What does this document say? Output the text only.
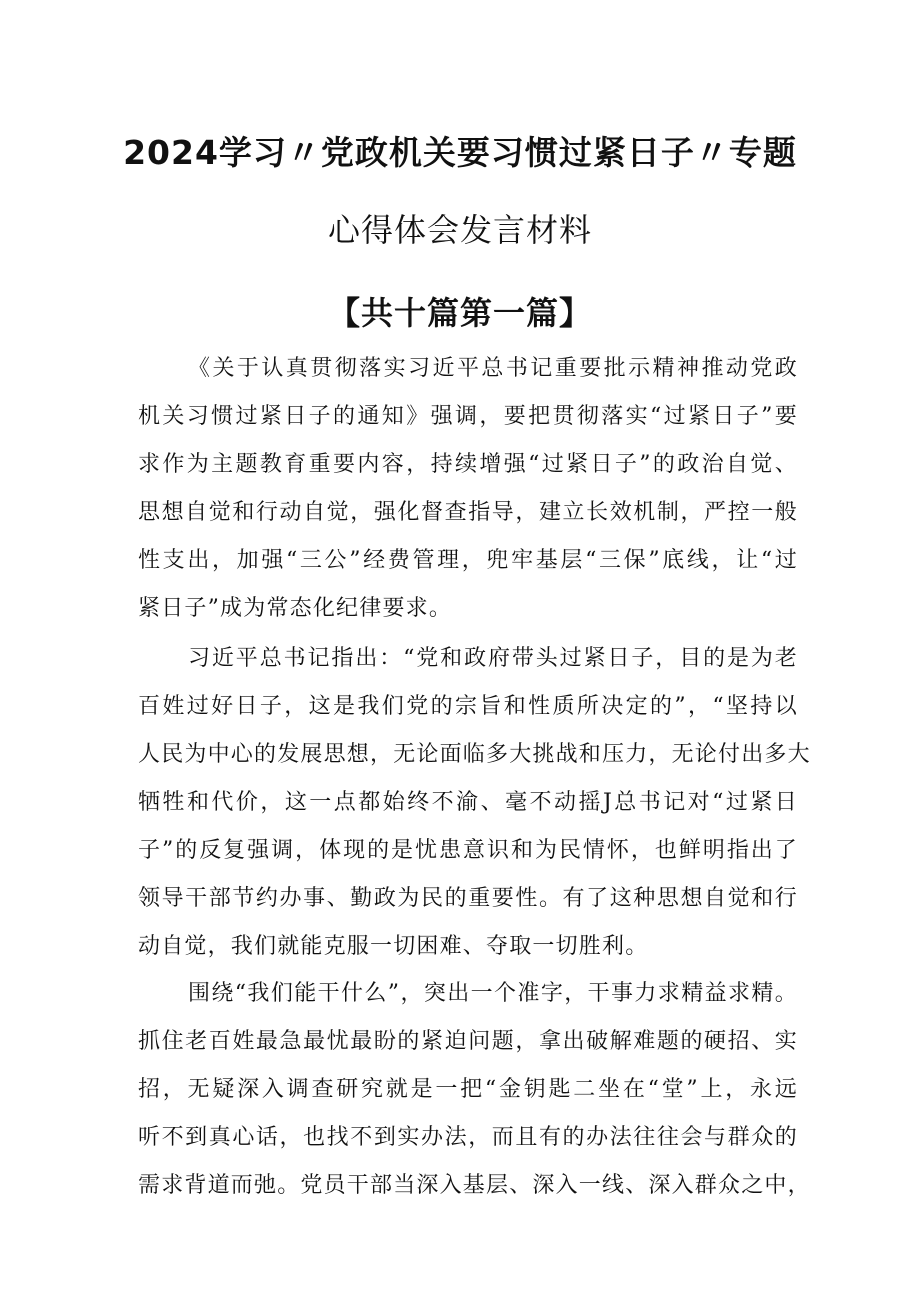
2024学习〃党政机关要习惯过紧日子〃专题
心得体会发言材料
【共十篇第一篇】
《关于认真贯彻落实习近平总书记重要批示精神推动党政
机关习惯过紧日子的通知》强调，要把贯彻落实“过紧日子”要
求作为主题教育重要内容，持续增强“过紧日子”的政治自觉、
思想自觉和行动自觉，强化督查指导，建立长效机制，严控一般
性支出，加强“三公”经费管理，兜牢基层“三保”底线，让“过
紧日子”成为常态化纪律要求。
习近平总书记指出：“党和政府带头过紧日子，目的是为老
百姓过好日子，这是我们党的宗旨和性质所决定的”，“坚持以
人民为中心的发展思想，无论面临多大挑战和压力，无论付出多大
牺牲和代价，这一点都始终不渝、毫不动摇J总书记对“过紧日
子”的反复强调，体现的是忧患意识和为民情怀，也鲜明指出了
领导干部节约办事、勤政为民的重要性。有了这种思想自觉和行
动自觉，我们就能克服一切困难、夺取一切胜利。
围绕“我们能干什么”，突出一个准字，干事力求精益求精。
抓住老百姓最急最忧最盼的紧迫问题，拿出破解难题的硬招、实
招，无疑深入调查研究就是一把“金钥匙二坐在“堂”上，永远
听不到真心话，也找不到实办法，而且有的办法往往会与群众的
需求背道而弛。党员干部当深入基层、深入一线、深入群众之中，
